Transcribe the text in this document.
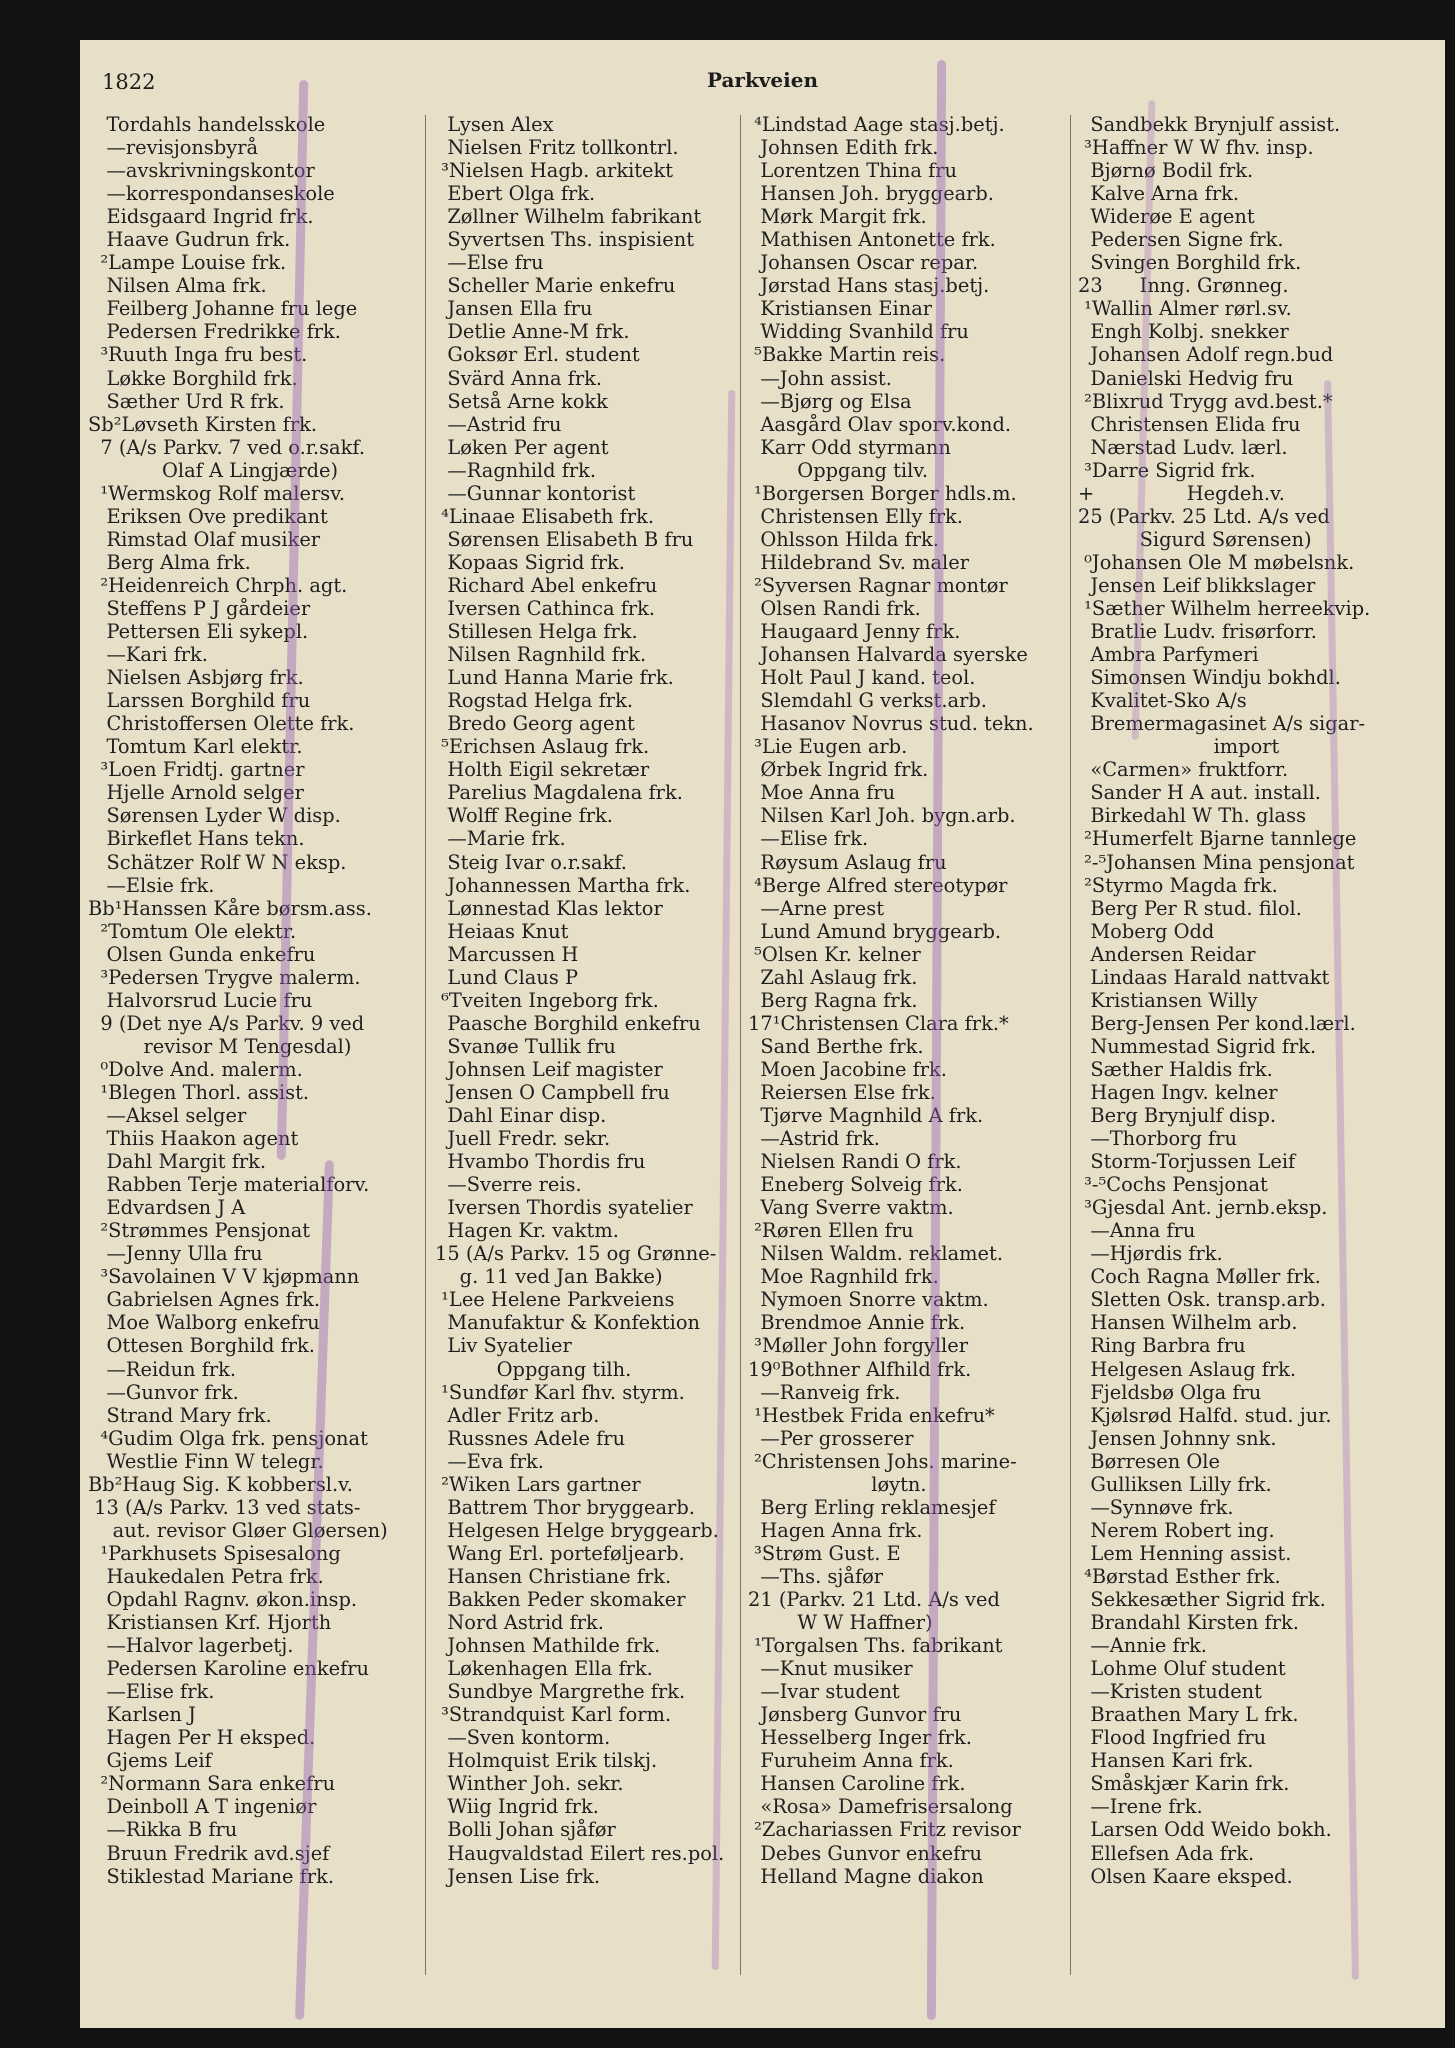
1822	Parkveien
Tordahls handelsskole
—revisjonsbyrå
—avskrivningskontor
—korrespondanseskole
Eidsgaard Ingrid frk.
Haave Gudrun frk.
²Lampe Louise frk.
Nilsen Alma frk.
Feilberg Johanne fru lege
Pedersen Fredrikke frk.
³Ruuth Inga fru best.
Løkke Borghild frk.
Sæther Urd R frk.
Sb²Løvseth Kirsten frk.
7 (A/s Parkv. 7 ved o.r.sakf.
Olaf A Lingjærde)
¹Wermskog Rolf malersv.
Eriksen Ove predikant
Rimstad Olaf musiker
Berg Alma frk.
²Heidenreich Chrph. agt.
Steffens P J gårdeier
Pettersen Eli sykepl.
—Kari frk.
Nielsen Asbjørg frk.
Larssen Borghild fru
Christoffersen Olette frk.
Tomtum Karl elektr.
³Loen Fridtj. gartner
Hjelle Arnold selger
Sørensen Lyder W disp.
Birkeflet Hans tekn.
Schätzer Rolf W N eksp.
—Elsie frk.
Bb¹Hanssen Kåre børsm.ass.
²Tomtum Ole elektr.
Olsen Gunda enkefru
³Pedersen Trygve malerm.
Halvorsrud Lucie fru
9 (Det nye A/s Parkv. 9 ved
revisor M Tengesdal)
⁰Dolve And. malerm.
¹Blegen Thorl. assist.
—Aksel selger
Thiis Haakon agent
Dahl Margit frk.
Rabben Terje materialforv.
Edvardsen J A
²Strømmes Pensjonat
—Jenny Ulla fru
³Savolainen V V kjøpmann
Gabrielsen Agnes frk.
Moe Walborg enkefru
Ottesen Borghild frk.
—Reidun frk.
—Gunvor frk.
Strand Mary frk.
⁴Gudim Olga frk. pensjonat
Westlie Finn W telegr.
Bb²Haug Sig. K kobbersl.v.
13 (A/s Parkv. 13 ved stats-
aut. revisor Gløer Gløersen)
¹Parkhusets Spisesalong
Haukedalen Petra frk.
Opdahl Ragnv. økon.insp.
Kristiansen Krf. Hjorth
—Halvor lagerbetj.
Pedersen Karoline enkefru
—Elise frk.
Karlsen J
Hagen Per H eksped.
Gjems Leif
²Normann Sara enkefru
Deinboll A T ingeniør
—Rikka B fru
Bruun Fredrik avd.sjef
Stiklestad Mariane frk.
Lysen Alex
Nielsen Fritz tollkontrl.
³Nielsen Hagb. arkitekt
Ebert Olga frk.
Zøllner Wilhelm fabrikant
Syvertsen Ths. inspisient
—Else fru
Scheller Marie enkefru
Jansen Ella fru
Detlie Anne-M frk.
Goksør Erl. student
Svärd Anna frk.
Setså Arne kokk
—Astrid fru
Løken Per agent
—Ragnhild frk.
—Gunnar kontorist
⁴Linaae Elisabeth frk.
Sørensen Elisabeth B fru
Kopaas Sigrid frk.
Richard Abel enkefru
Iversen Cathinca frk.
Stillesen Helga frk.
Nilsen Ragnhild frk.
Lund Hanna Marie frk.
Rogstad Helga frk.
Bredo Georg agent
⁵Erichsen Aslaug frk.
Holth Eigil sekretær
Parelius Magdalena frk.
Wolff Regine frk.
—Marie frk.
Steig Ivar o.r.sakf.
Johannessen Martha frk.
Lønnestad Klas lektor
Heiaas Knut
Marcussen H
Lund Claus P
⁶Tveiten Ingeborg frk.
Paasche Borghild enkefru
Svanøe Tullik fru
Johnsen Leif magister
Jensen O Campbell fru
Dahl Einar disp.
Juell Fredr. sekr.
Hvambo Thordis fru
—Sverre reis.
Iversen Thordis syatelier
Hagen Kr. vaktm.
15 (A/s Parkv. 15 og Grønne-
g. 11 ved Jan Bakke)
¹Lee Helene Parkveiens
Manufaktur & Konfektion
Liv Syatelier
Oppgang tilh.
¹Sundfør Karl fhv. styrm.
Adler Fritz arb.
Russnes Adele fru
—Eva frk.
²Wiken Lars gartner
Battrem Thor bryggearb.
Helgesen Helge bryggearb.
Wang Erl. porteføljearb.
Hansen Christiane frk.
Bakken Peder skomaker
Nord Astrid frk.
Johnsen Mathilde frk.
Løkenhagen Ella frk.
Sundbye Margrethe frk.
³Strandquist Karl form.
—Sven kontorm.
Holmquist Erik tilskj.
Winther Joh. sekr.
Wiig Ingrid frk.
Bolli Johan sjåfør
Haugvaldstad Eilert res.pol.
Jensen Lise frk.
⁴Lindstad Aage stasj.betj.
Johnsen Edith frk.
Lorentzen Thina fru
Hansen Joh. bryggearb.
Mørk Margit frk.
Mathisen Antonette frk.
Johansen Oscar repar.
Jørstad Hans stasj.betj.
Kristiansen Einar
Widding Svanhild fru
⁵Bakke Martin reis.
—John assist.
—Bjørg og Elsa
Aasgård Olav sporv.kond.
Karr Odd styrmann
Oppgang tilv.
¹Borgersen Borger hdls.m.
Christensen Elly frk.
Ohlsson Hilda frk.
Hildebrand Sv. maler
²Syversen Ragnar montør
Olsen Randi frk.
Haugaard Jenny frk.
Johansen Halvarda syerske
Holt Paul J kand. teol.
Slemdahl G verkst.arb.
Hasanov Novrus stud. tekn.
³Lie Eugen arb.
Ørbek Ingrid frk.
Moe Anna fru
Nilsen Karl Joh. bygn.arb.
—Elise frk.
Røysum Aslaug fru
⁴Berge Alfred stereotypør
—Arne prest
Lund Amund bryggearb.
⁵Olsen Kr. kelner
Zahl Aslaug frk.
Berg Ragna frk.
17¹Christensen Clara frk.*
Sand Berthe frk.
Moen Jacobine frk.
Reiersen Else frk.
Tjørve Magnhild A frk.
—Astrid frk.
Nielsen Randi O frk.
Eneberg Solveig frk.
Vang Sverre vaktm.
²Røren Ellen fru
Nilsen Waldm. reklamet.
Moe Ragnhild frk.
Nymoen Snorre vaktm.
Brendmoe Annie frk.
³Møller John forgyller
19⁰Bothner Alfhild frk.
—Ranveig frk.
¹Hestbek Frida enkefru*
—Per grosserer
²Christensen Johs. marine-
løytn.
Berg Erling reklamesjef
Hagen Anna frk.
³Strøm Gust. E
—Ths. sjåfør
21 (Parkv. 21 Ltd. A/s ved
W W Haffner)
¹Torgalsen Ths. fabrikant
—Knut musiker
—Ivar student
Jønsberg Gunvor fru
Hesselberg Inger frk.
Furuheim Anna frk.
Hansen Caroline frk.
«Rosa» Damefrisersalong
²Zachariassen Fritz revisor
Debes Gunvor enkefru
Helland Magne diakon
Sandbekk Brynjulf assist.
³Haffner W W fhv. insp.
Bjørnø Bodil frk.
Kalve Arna frk.
Widerøe E agent
Pedersen Signe frk.
Svingen Borghild frk.
23      Inng. Grønneg.
¹Wallin Almer rørl.sv.
Engh Kolbj. snekker
Johansen Adolf regn.bud
Danielski Hedvig fru
²Blixrud Trygg avd.best.*
Christensen Elida fru
Nærstad Ludv. lærl.
³Darre Sigrid frk.
+               Hegdeh.v.
25 (Parkv. 25 Ltd. A/s ved
Sigurd Sørensen)
⁰Johansen Ole M møbelsnk.
Jensen Leif blikkslager
¹Sæther Wilhelm herreekvip.
Bratlie Ludv. frisørforr.
Ambra Parfymeri
Simonsen Windju bokhdl.
Kvalitet-Sko A/s
Bremermagasinet A/s sigar-
import
«Carmen» fruktforr.
Sander H A aut. install.
Birkedahl W Th. glass
²Humerfelt Bjarne tannlege
²-⁵Johansen Mina pensjonat
²Styrmo Magda frk.
Berg Per R stud. filol.
Moberg Odd
Andersen Reidar
Lindaas Harald nattvakt
Kristiansen Willy
Berg-Jensen Per kond.lærl.
Nummestad Sigrid frk.
Sæther Haldis frk.
Hagen Ingv. kelner
Berg Brynjulf disp.
—Thorborg fru
Storm-Torjussen Leif
³-⁵Cochs Pensjonat
³Gjesdal Ant. jernb.eksp.
—Anna fru
—Hjørdis frk.
Coch Ragna Møller frk.
Sletten Osk. transp.arb.
Hansen Wilhelm arb.
Ring Barbra fru
Helgesen Aslaug frk.
Fjeldsbø Olga fru
Kjølsrød Halfd. stud. jur.
Jensen Johnny snk.
Børresen Ole
Gulliksen Lilly frk.
—Synnøve frk.
Nerem Robert ing.
Lem Henning assist.
⁴Børstad Esther frk.
Sekkesæther Sigrid frk.
Brandahl Kirsten frk.
—Annie frk.
Lohme Oluf student
—Kristen student
Braathen Mary L frk.
Flood Ingfried fru
Hansen Kari frk.
Småskjær Karin frk.
—Irene frk.
Larsen Odd Weido bokh.
Ellefsen Ada frk.
Olsen Kaare eksped.
